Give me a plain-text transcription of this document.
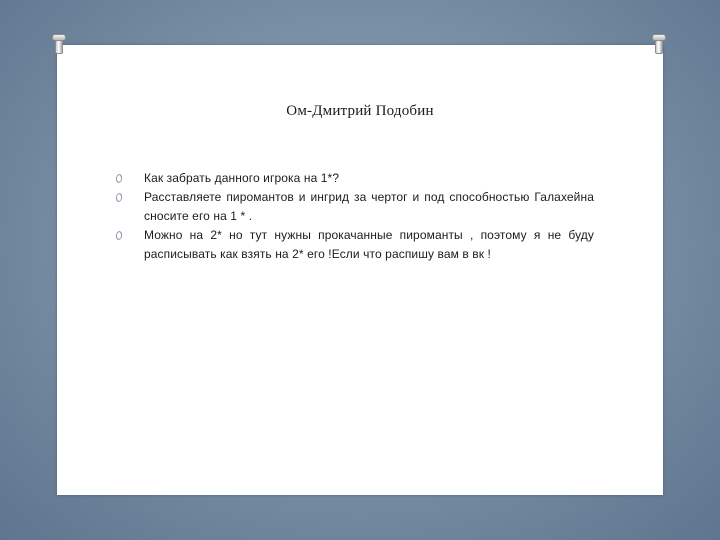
Ом-Дмитрий Подобин
Как забрать данного игрока на 1*?
Расставляете пиромантов и ингрид за чертог и под способностью Галахейна сносите его на 1 * .
Можно на 2* но тут нужны прокачанные пироманты , поэтому я не буду расписывать как взять на 2* его !Если что распишу вам в вк !
